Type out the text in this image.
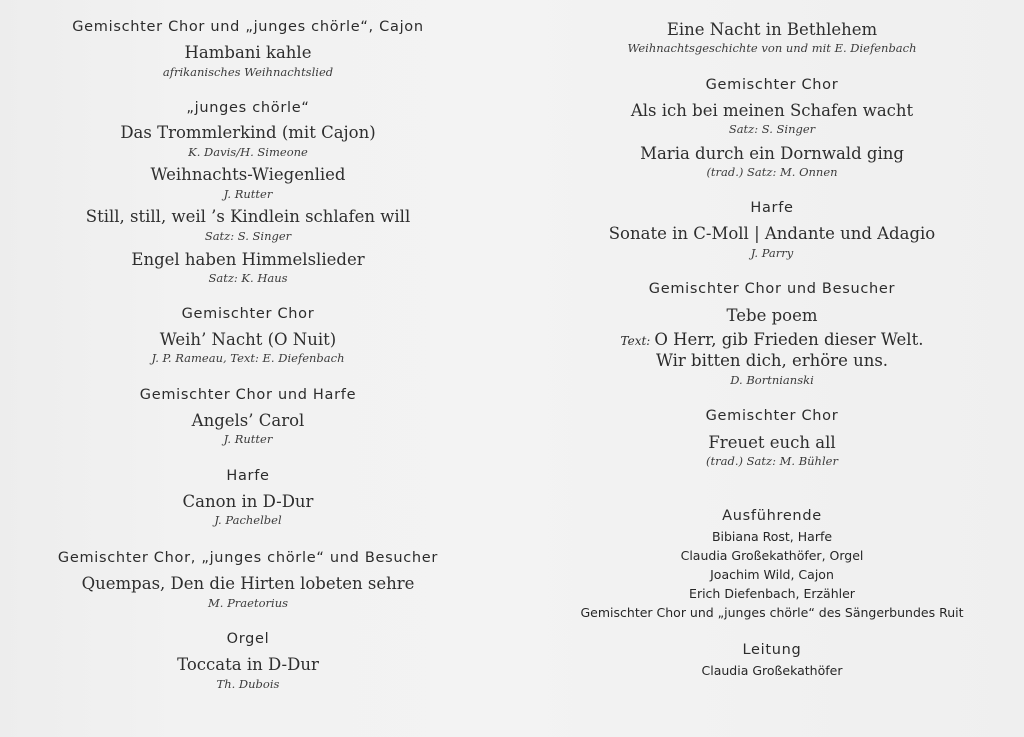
Gemischter Chor und „junges chörle“, Cajon
Hambani kahle
afrikanisches Weihnachtslied
„junges chörle“
Das Trommlerkind (mit Cajon)
K. Davis/H. Simeone
Weihnachts-Wiegenlied
J. Rutter
Still, still, weil ’s Kindlein schlafen will
Satz: S. Singer
Engel haben Himmelslieder
Satz: K. Haus
Gemischter Chor
Weih’ Nacht (O Nuit)
J. P. Rameau, Text: E. Diefenbach
Gemischter Chor und Harfe
Angels’ Carol
J. Rutter
Harfe
Canon in D-Dur
J. Pachelbel
Gemischter Chor, „junges chörle“ und Besucher
Quempas, Den die Hirten lobeten sehre
M. Praetorius
Orgel
Toccata in D-Dur
Th. Dubois
Eine Nacht in Bethlehem
Weihnachtsgeschichte von und mit E. Diefenbach
Gemischter Chor
Als ich bei meinen Schafen wacht
Satz: S. Singer
Maria durch ein Dornwald ging
(trad.) Satz: M. Onnen
Harfe
Sonate in C-Moll | Andante und Adagio
J. Parry
Gemischter Chor und Besucher
Tebe poem
Text: O Herr, gib Frieden dieser Welt.
Wir bitten dich, erhöre uns.
D. Bortnianski
Gemischter Chor
Freuet euch all
(trad.) Satz: M. Bühler
Ausführende
Bibiana Rost, Harfe
Claudia Großekathöfer, Orgel
Joachim Wild, Cajon
Erich Diefenbach, Erzähler
Gemischter Chor und „junges chörle“ des Sängerbundes Ruit
Leitung
Claudia Großekathöfer
